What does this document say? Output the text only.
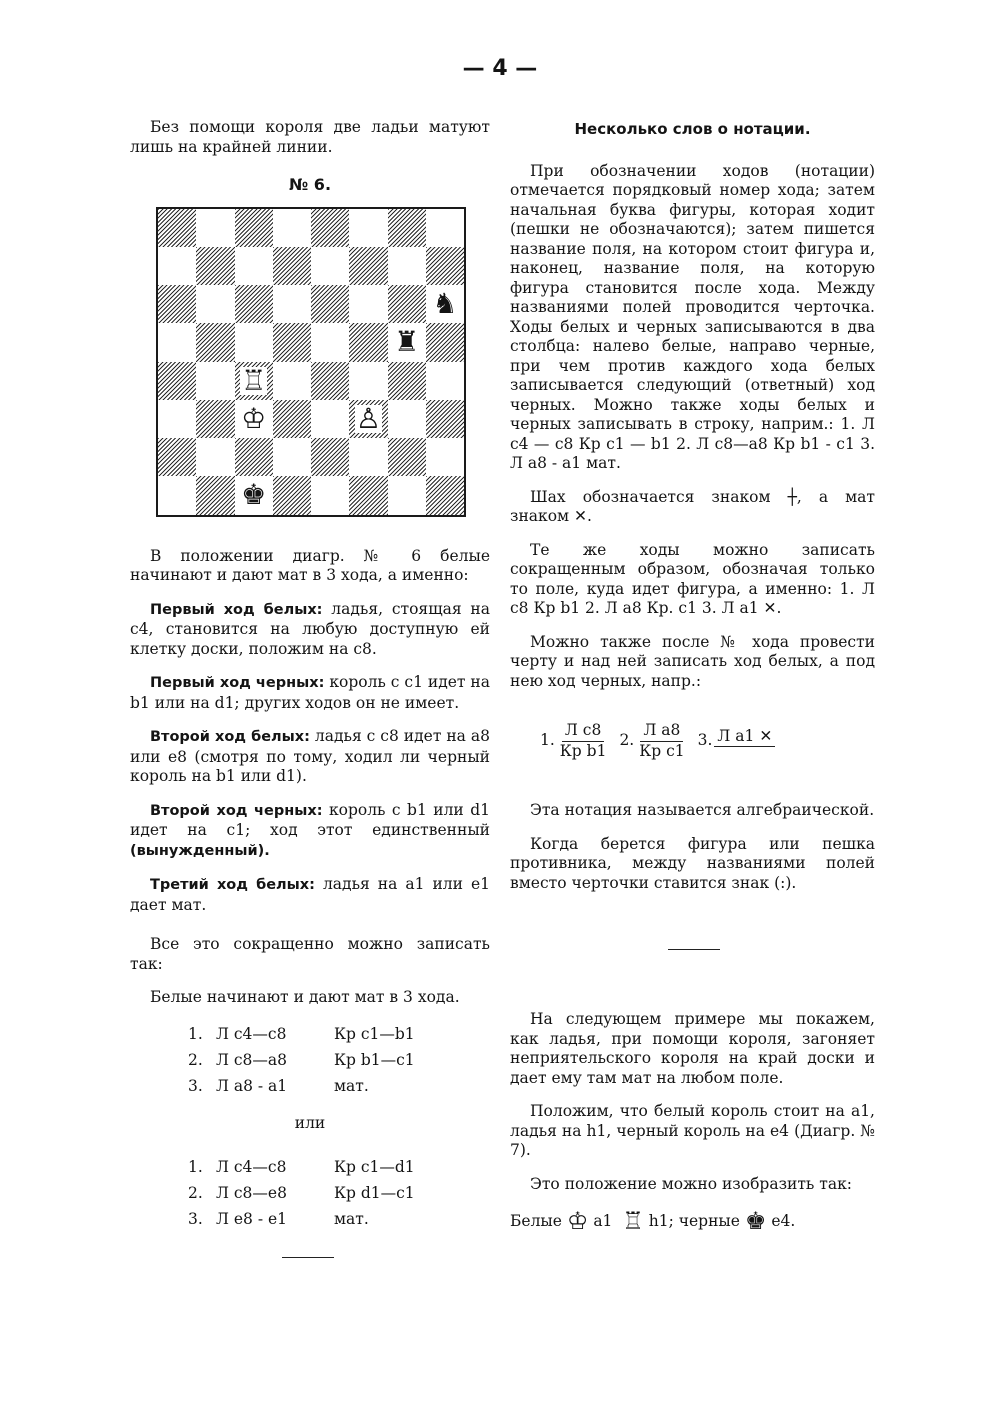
— 4 —

Без помощи короля две ладьи матуют лишь на крайней линии.

№ 6.
♞
♜
♖
♔	♙
♚

В положении диагр. № 6 белые начинают и дают мат в 3 хода, а именно:

Первый ход белых: ладья, стоящая на c4, становится на любую доступную ей клетку доски, положим на c8.

Первый ход черных: король с c1 идет на b1 или на d1; других ходов он не имеет.

Второй ход белых: ладья с c8 идет на a8 или e8 (смотря по тому, ходил ли черный король на b1 или d1).

Второй ход черных: король с b1 или d1 идет на c1; ход этот единственный (вынужденный).

Третий ход белых: ладья на a1 или e1 дает мат.

Все это сокращенно можно записать так:

Белые начинают и дают мат в 3 хода.

1. Л c4—c8	Кр c1—b1
2. Л c8—a8	Кр b1—c1
3. Л a8 - a1	мат.
или
1. Л c4—c8	Кр c1—d1
2. Л c8—e8	Кр d1—c1
3. Л e8 - e1	мат.
Несколько слов о нотации.

При обозначении ходов (нотации) отмечается порядковый номер хода; затем начальная буква фигуры, которая ходит (пешки не обозначаются); затем пишется название поля, на котором стоит фигура и, наконец, название поля, на которую фигура становится после хода. Между названиями полей проводится черточка. Ходы белых и черных записываются в два столбца: налево белые, направо черные, при чем против каждого хода белых записывается следующий (ответный) ход черных. Можно также ходы белых и черных записывать в строку, наприм.: 1. Л c4 — c8 Кр c1 — b1 2. Л c8—a8 Кр b1 - c1 3. Л a8 - a1 мат.

Шах обозначается знаком ┼, а мат знаком ✕.

Те же ходы можно записать сокращенным образом, обозначая только то поле, куда идет фигура, а именно: 1. Л c8 Кр b1 2. Л a8 Кр. c1 3. Л a1 ✕.

Можно также после № хода провести черту и над ней записать ход белых, а под нею ход черных, напр.:

1. $\frac{\text{Л c8}}{\text{Кр b1}} 2$. $\frac{\text{Л a8}}{\text{Кр c1}} 3$. Л a1 ✕

Эта нотация называется алгебраической.

Когда берется фигура или пешка противника, между названиями полей вместо черточки ставится знак (:).

На следующем примере мы покажем, как ладья, при помощи короля, загоняет неприятельского короля на край доски и дает ему там мат на любом поле.

Положим, что белый король стоит на a1, ладья на h1, черный король на e4 (Диагр. № 7).

Это положение можно изобразить так:

Белые ♔ a1 ♖ h1; черные ♚ e4.
